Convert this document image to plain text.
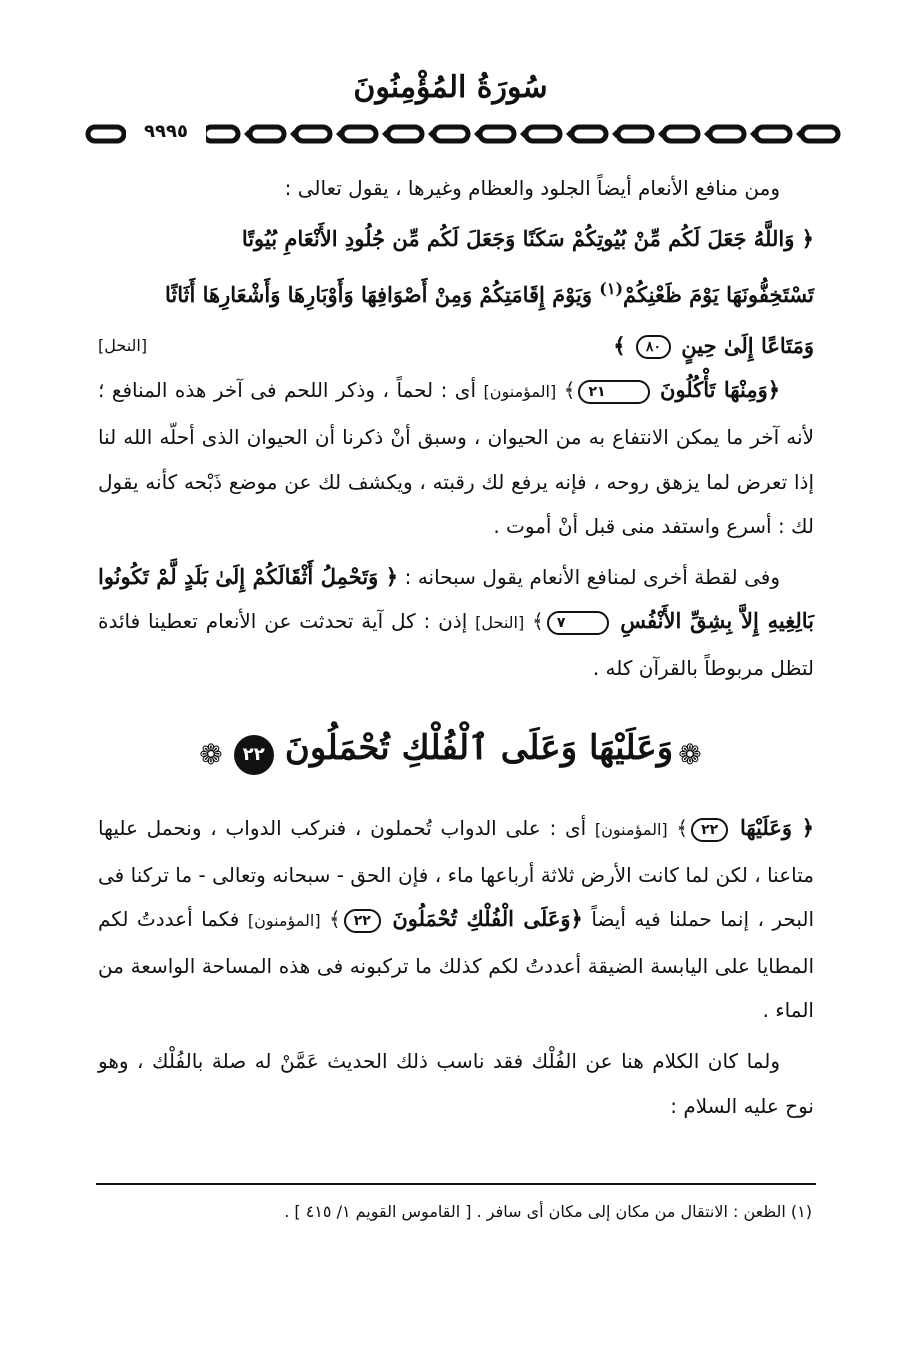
سُورَةُ المُؤْمِنُونَ
٩٩٩٥

ومن منافع الأنعام أيضاً الجلود والعظام وغيرها ، يقول تعالى :

﴿ وَاللَّهُ جَعَلَ لَكُم مِّنْ بُيُوتِكُمْ سَكَنًا وَجَعَلَ لَكُم مِّن جُلُودِ الأَنْعَامِ بُيُوتًا

تَسْتَخِفُّونَهَا يَوْمَ ظَعْنِكُمْ$^{(١)}$ وَيَوْمَ إِقَامَتِكُمْ وَمِنْ أَصْوَافِهَا وَأَوْبَارِهَا وَأَشْعَارِهَا أَثَاثًا

وَمَتَاعًا إِلَىٰ حِينٍ ٨٠ ﴾
[النحل]

﴿وَمِنْهَا تَأْكُلُونَ ٢١﴾ [المؤمنون] أى : لحماً ، وذكر اللحم فى آخر هذه المنافع ؛ لأنه آخر ما يمكن الانتفاع به من الحيوان ، وسبق أنْ ذكرنا أن الحيوان الذى أحلّه الله لنا إذا تعرض لما يزهق روحه ، فإنه يرفع لك رقبته ، ويكشف لك عن موضع ذَبْحه كأنه يقول لك : أسرع واستفد منى قبل أنْ أموت .

وفى لقطة أخرى لمنافع الأنعام يقول سبحانه : ﴿ وَتَحْمِلُ أَثْقَالَكُمْ إِلَىٰ بَلَدٍ لَّمْ تَكُونُوا بَالِغِيهِ إِلاَّ بِشِقِّ الأَنْفُسِ ٧﴾ [النحل] إذن : كل آية تحدثت عن الأنعام تعطينا فائدة لتظل مربوطاً بالقرآن كله .

❁ وَعَلَيْهَا وَعَلَى ٱلْفُلْكِ تُحْمَلُونَ ٢٢ ❁

﴿ وَعَلَيْهَا ٢٢﴾ [المؤمنون] أى : على الدواب تُحملون ، فنركب الدواب ، ونحمل عليها متاعنا ، لكن لما كانت الأرض ثلاثة أرباعها ماء ، فإن الحق - سبحانه وتعالى - ما تركنا فى البحر ، إنما حملنا فيه أيضاً ﴿وَعَلَى الْفُلْكِ تُحْمَلُونَ ٢٢﴾ [المؤمنون] فكما أعددتُ لكم المطايا على اليابسة الضيقة أعددتُ لكم كذلك ما تركبونه فى هذه المساحة الواسعة من الماء .

ولما كان الكلام هنا عن الفُلْك فقد ناسب ذلك الحديث عَمَّنْ له صلة بالفُلْك ، وهو نوح عليه السلام :

(١) الظعن : الانتقال من مكان إلى مكان أى سافر . [ القاموس القويم ١/ ٤١٥ ] .
